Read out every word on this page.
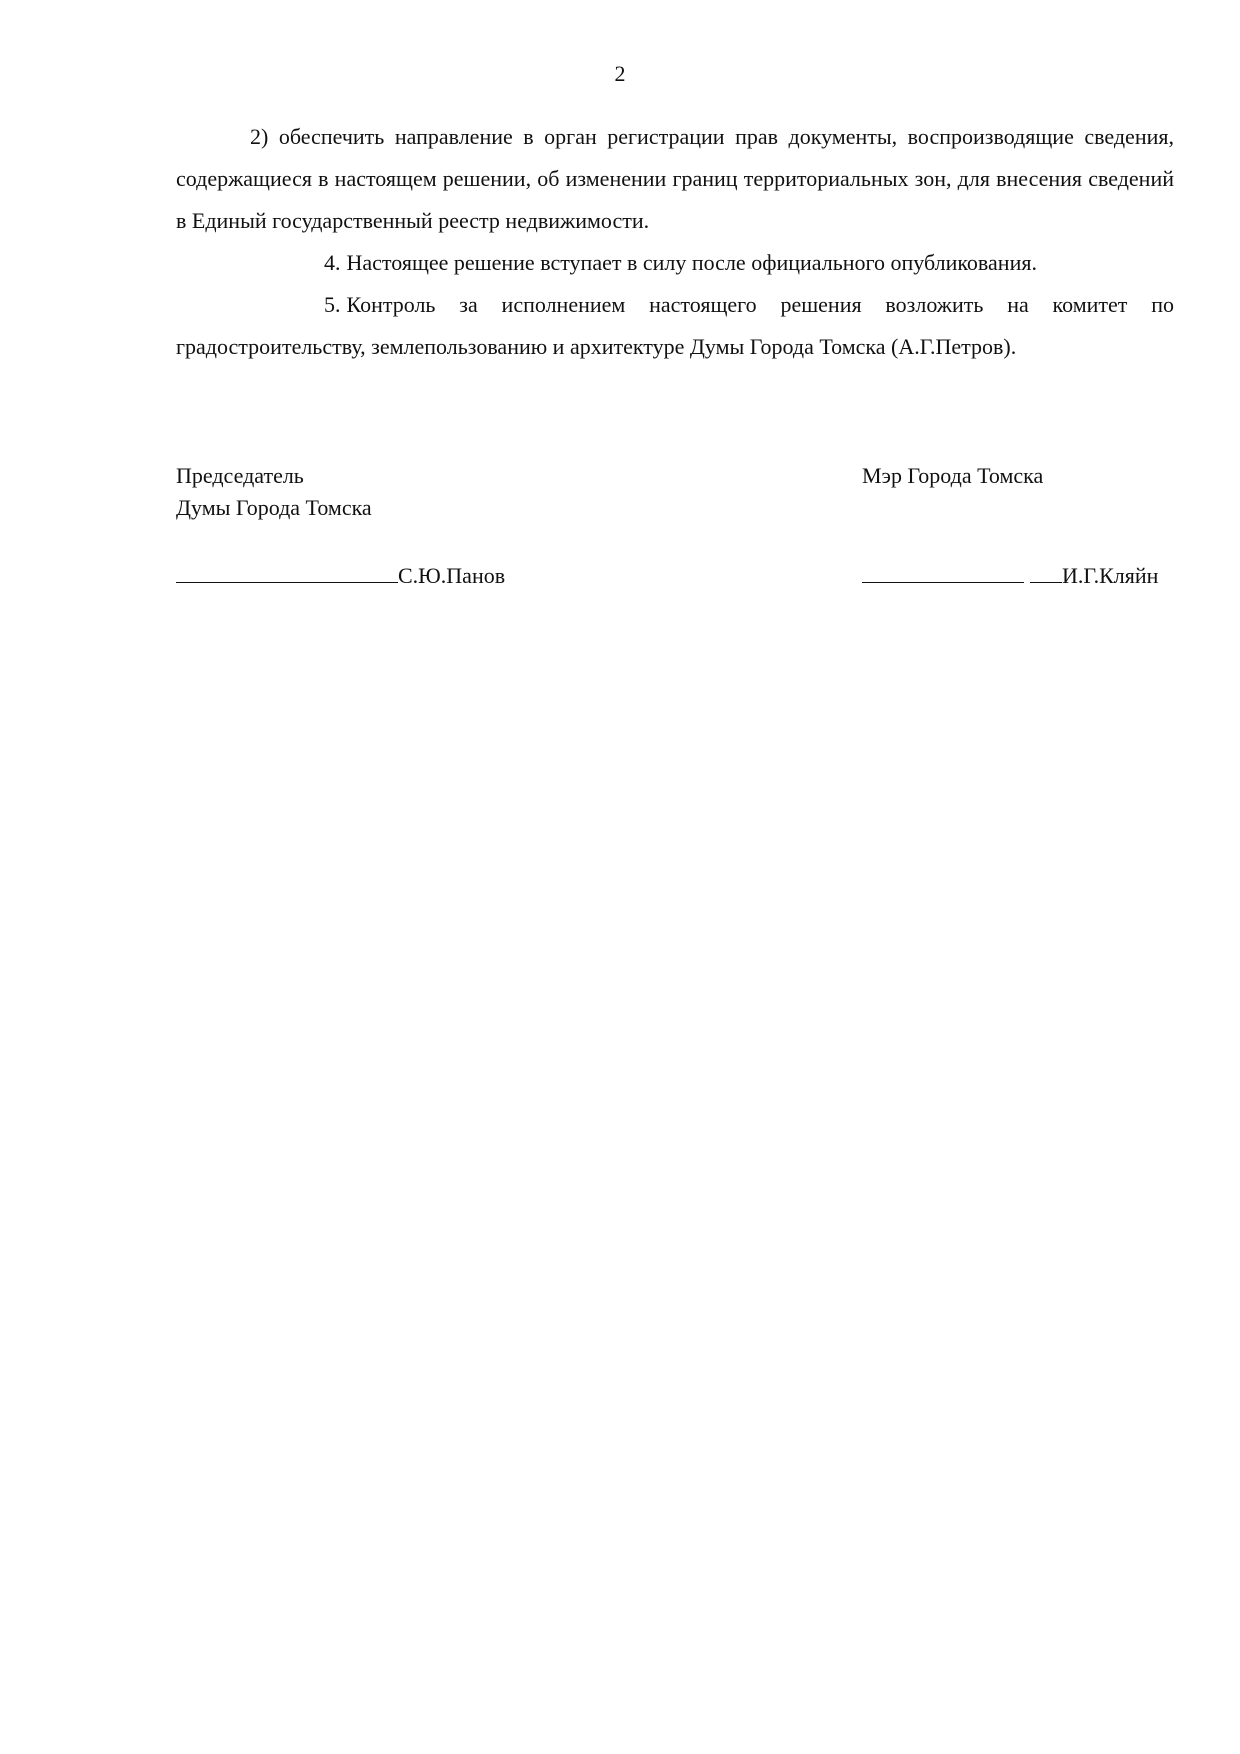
2

2) обеспечить направление в орган регистрации прав документы, воспроизводящие сведения, содержащиеся в настоящем решении, об изменении границ территориальных зон, для внесения сведений в Единый государственный реестр недвижимости.

4. Настоящее решение вступает в силу после официального опубликования.

5. Контроль за исполнением настоящего решения возложить на комитет по градостроительству, землепользованию и архитектуре Думы Города Томска (А.Г.Петров).

Председатель
Думы Города Томска
Мэр Города Томска
С.Ю.Панов	И.Г.Кляйн
